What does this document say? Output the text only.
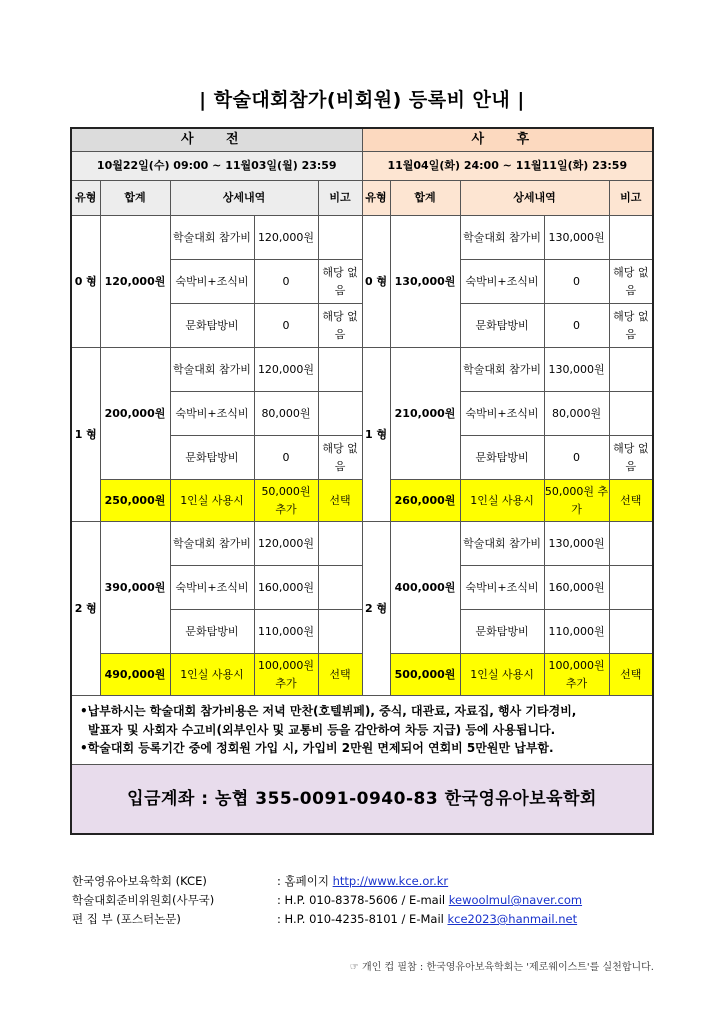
| 학술대회참가(비회원) 등록비 안내 |
사 전					사 후				
10월22일(수) 09:00 ~ 11월03일(월) 23:59					11월04일(화) 24:00 ~ 11월11일(화) 23:59				
유형	합계	상세내역		비고	유형	합계	상세내역		비고
0 형	120,000원	학술대회 참가비	120,000원		0 형	130,000원	학술대회 참가비	130,000원	
		숙박비+조식비	0	해당 없음			숙박비+조식비	0	해당 없음
		문화탐방비	0	해당 없음			문화탐방비	0	해당 없음
1 형	200,000원	학술대회 참가비	120,000원		1 형	210,000원	학술대회 참가비	130,000원	
		숙박비+조식비	80,000원				숙박비+조식비	80,000원	
		문화탐방비	0	해당 없음			문화탐방비	0	해당 없음
	250,000원	1인실 사용시	50,000원 추가	선택		260,000원	1인실 사용시	50,000원 추가	선택
2 형	390,000원	학술대회 참가비	120,000원		2 형	400,000원	학술대회 참가비	130,000원	
		숙박비+조식비	160,000원				숙박비+조식비	160,000원	
		문화탐방비	110,000원				문화탐방비	110,000원	
	490,000원	1인실 사용시	100,000원 추가	선택		500,000원	1인실 사용시	100,000원 추가	선택

•납부하시는 학술대회 참가비용은 저녁 만찬(호텔뷔페), 중식, 대관료, 자료집, 행사 기타경비,
발표자 및 사회자 수고비(외부인사 및 교통비 등을 감안하여 차등 지급) 등에 사용됩니다.
•학술대회 등록기간 중에 정회원 가입 시, 가입비 2만원 면제되어 연회비 5만원만 납부함.									

입금계좌 : 농협 355-0091-0940-83 한국영유아보육학회									
한국영유아보육학회 (KCE)	: 홈페이지 http://www.kce.or.kr
학술대회준비위원회(사무국)	: H.P. 010-8378-5606 / E-mail kewoolmul@naver.com
편 집 부 (포스터논문)	: H.P. 010-4235-8101 / E-Mail kce2023@hanmail.net
☞ 개인 컵 필참 : 한국영유아보육학회는 '제로웨이스트'를 실천합니다.
